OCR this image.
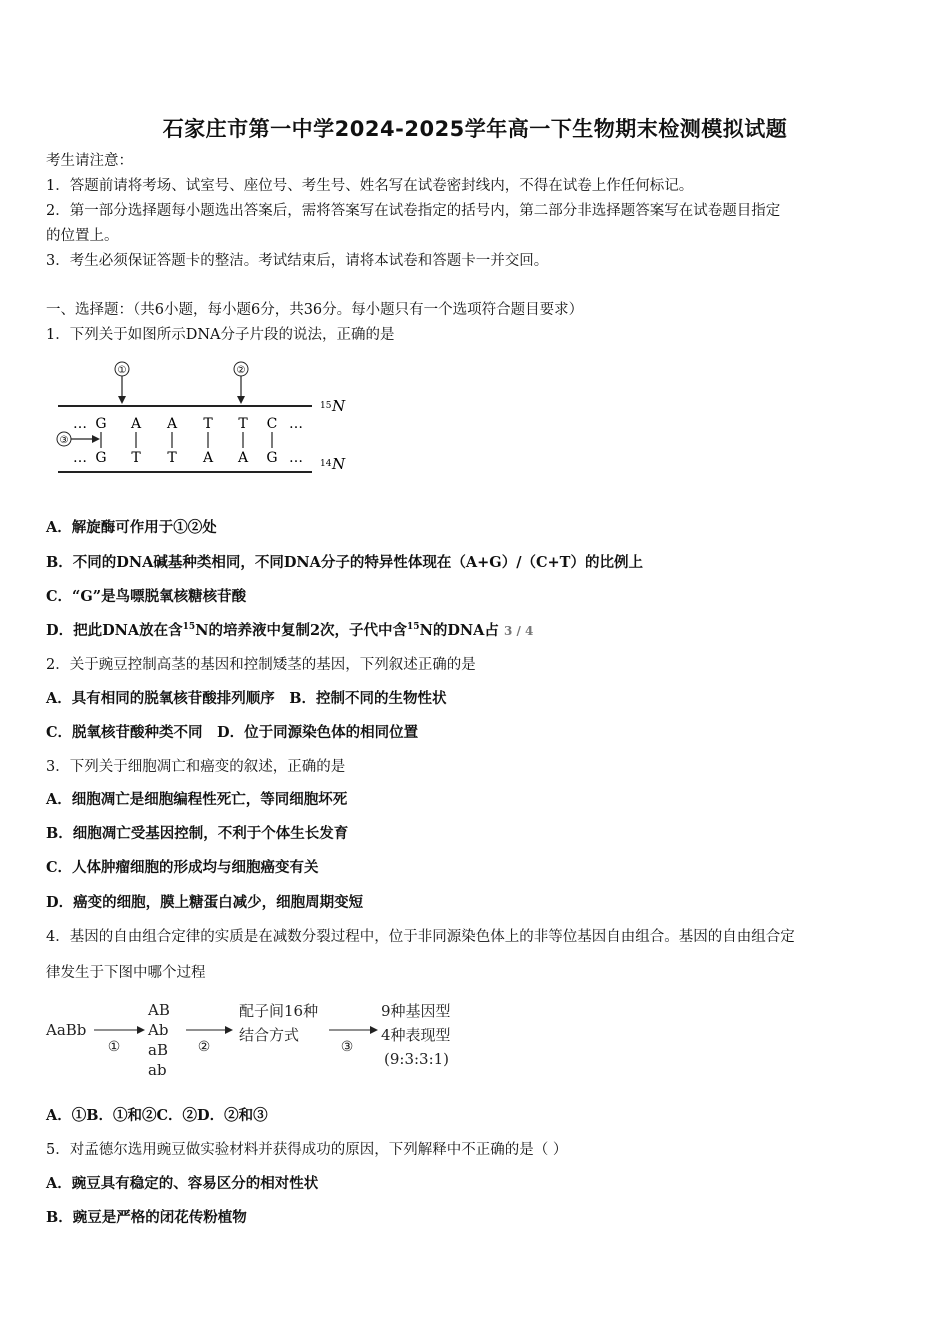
石家庄市第一中学2024-2025学年高一下生物期末检测模拟试题
考生请注意：
1．答题前请将考场、试室号、座位号、考生号、姓名写在试卷密封线内，不得在试卷上作任何标记。
2．第一部分选择题每小题选出答案后，需将答案写在试卷指定的括号内，第二部分非选择题答案写在试卷题目指定
的位置上。
3．考生必须保证答题卡的整洁。考试结束后，请将本试卷和答题卡一并交回。
一、选择题：（共6小题，每小题6分，共36分。每小题只有一个选项符合题目要求）
1．下列关于如图所示DNA分子片段的说法，正确的是
①	②
15 N
14 N
… G A A T T C …
… G T T A A G …
③
A．解旋酶可作用于①②处
B．不同的DNA碱基种类相同，不同DNA分子的特异性体现在（A+G）/（C+T）的比例上
C．“G”是鸟嘌脱氧核糖核苷酸
D．把此DNA放在含$^{15}$N的培养液中复制2次，子代中含$^{15}$N的DNA占 3 / 4
2．关于豌豆控制高茎的基因和控制矮茎的基因，下列叙述正确的是
A．具有相同的脱氧核苷酸排列顺序　B．控制不同的生物性状
C．脱氧核苷酸种类不同　D．位于同源染色体的相同位置
3．下列关于细胞凋亡和癌变的叙述，正确的是
A．细胞凋亡是细胞编程性死亡，等同细胞坏死
B．细胞凋亡受基因控制，不利于个体生长发育
C．人体肿瘤细胞的形成均与细胞癌变有关
D．癌变的细胞，膜上糖蛋白减少，细胞周期变短
4．基因的自由组合定律的实质是在减数分裂过程中，位于非同源染色体上的非等位基因自由组合。基因的自由组合定
律发生于下图中哪个过程
AaBb
AB
Ab
aB
ab
配子间16种
结合方式
9种基因型
4种表现型
(9:3:3:1)
①	②	③
A．①B．①和②C．②D．②和③
5．对孟德尔选用豌豆做实验材料并获得成功的原因，下列解释中不正确的是（ ）
A．豌豆具有稳定的、容易区分的相对性状
B．豌豆是严格的闭花传粉植物
